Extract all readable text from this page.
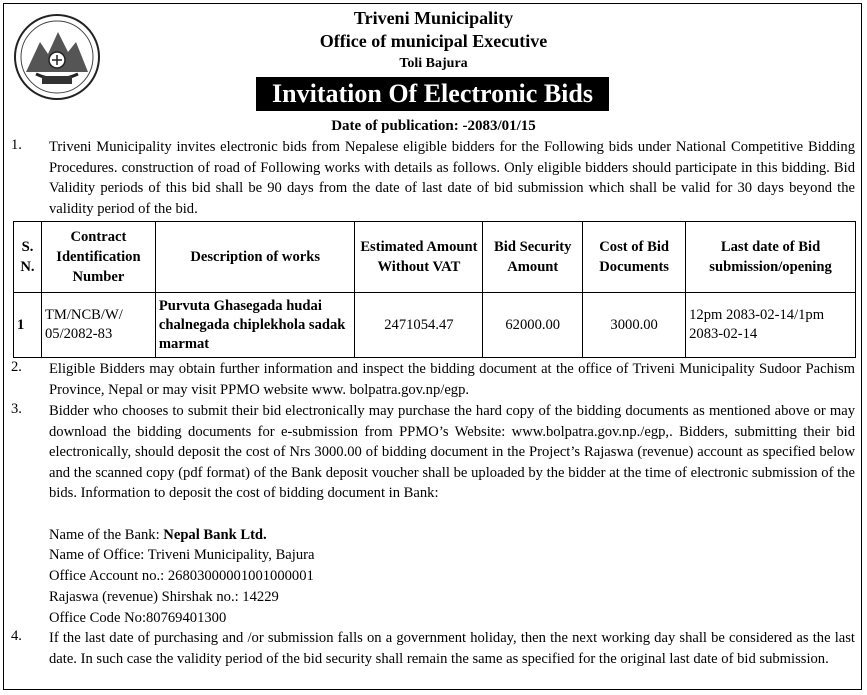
Triveni Municipality
Office of municipal Executive
Toli Bajura
Invitation Of Electronic Bids
Date of publication: -2083/01/15
1. Triveni Municipality invites electronic bids from Nepalese eligible bidders for the Following bids under National Competitive Bidding Procedures. construction of road of Following works with details as follows. Only eligible bidders should participate in this bidding. Bid Validity periods of this bid shall be 90 days from the date of last date of bid submission which shall be valid for 30 days beyond the validity period of the bid.
S. N.	Contract Identification Number	Description of works	Estimated Amount Without VAT	Bid Security Amount	Cost of Bid Documents	Last date of Bid submission/opening
1	TM/NCB/W/ 05/2082-83	Purvuta Ghasegada hudai chalnegada chiplekhola sadak marmat	2471054.47	62000.00	3000.00	12pm 2083-02-14/1pm 2083-02-14
2. Eligible Bidders may obtain further information and inspect the bidding document at the office of Triveni Municipality Sudoor Pachism Province, Nepal or may visit PPMO website www. bolpatra.gov.np/egp.
3. Bidder who chooses to submit their bid electronically may purchase the hard copy of the bidding documents as mentioned above or may download the bidding documents for e-submission from PPMO’s Website: www.bolpatra.gov.np./egp,. Bidders, submitting their bid electronically, should deposit the cost of Nrs 3000.00 of bidding document in the Project’s Rajaswa (revenue) account as specified below and the scanned copy (pdf format) of the Bank deposit voucher shall be uploaded by the bidder at the time of electronic submission of the bids. Information to deposit the cost of bidding document in Bank:
Name of the Bank: Nepal Bank Ltd.
Name of Office: Triveni Municipality, Bajura
Office Account no.: 26803000001001000001
Rajaswa (revenue) Shirshak no.: 14229
Office Code No:80769401300
4. If the last date of purchasing and /or submission falls on a government holiday, then the next working day shall be considered as the last date. In such case the validity period of the bid security shall remain the same as specified for the original last date of bid submission.
